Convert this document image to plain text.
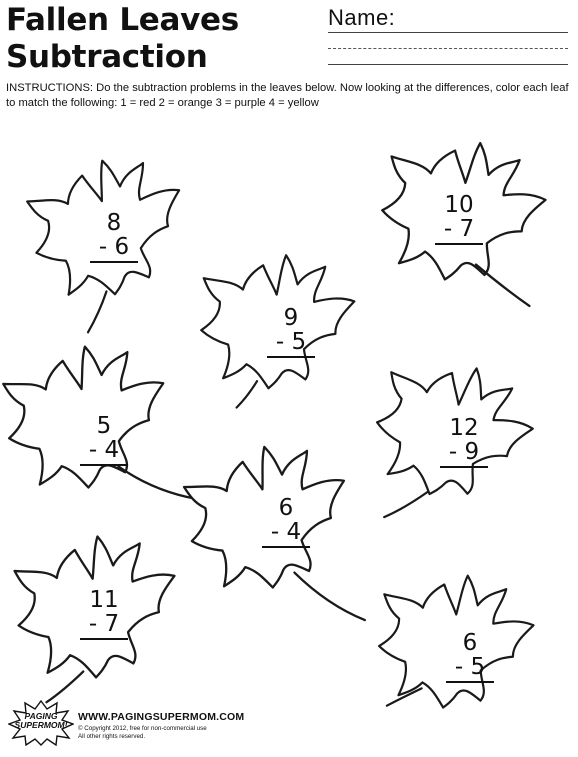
Fallen Leaves
Subtraction
Name:

INSTRUCTIONS: Do the subtraction problems in the leaves below. Now looking at the differences, color each leaf to match the following: 1 = red 2 = orange 3 = purple 4 = yellow

8
- 6
10
- 7
9
- 5
5
- 4
12
- 9
6
- 4
11
- 7
6
- 5
PAGING
SUPERMOM!
WWW.PAGINGSUPERMOM.COM
© Copyright 2012, free for non-commercial use
All other rights reserved.
